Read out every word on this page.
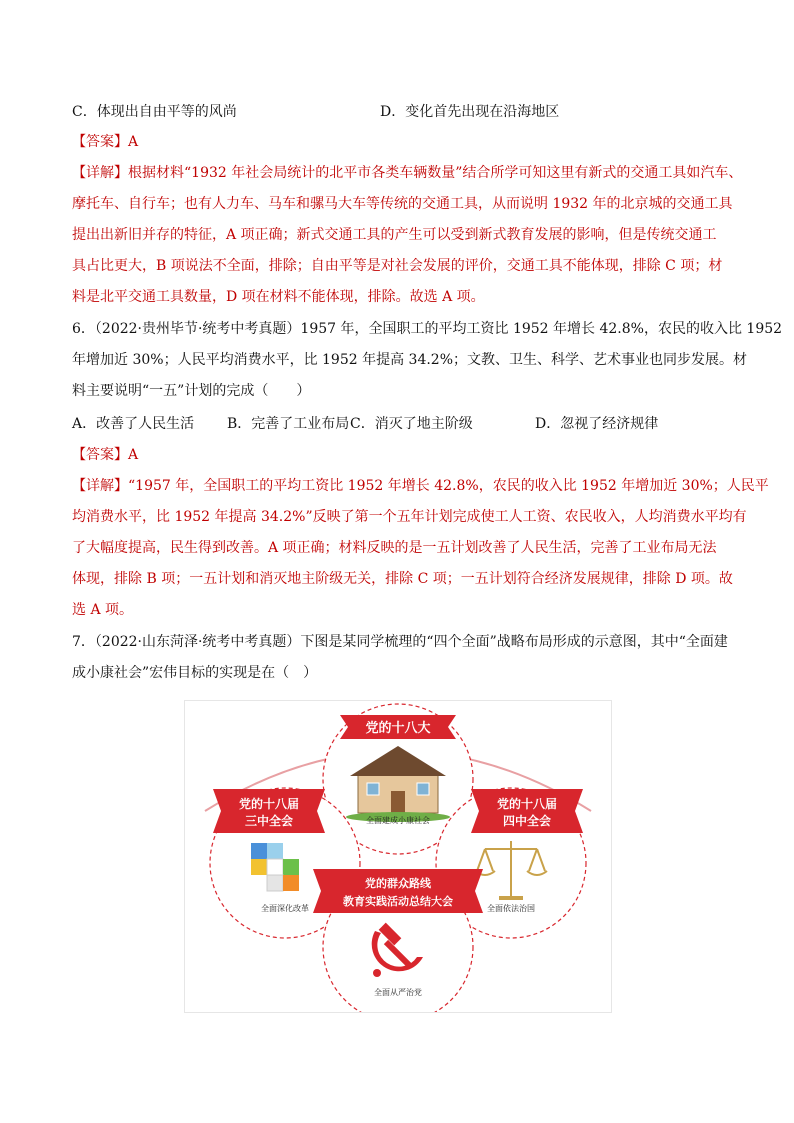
C．体现出自由平等的风尚	D．变化首先出现在沿海地区
【答案】A
【详解】根据材料“1932 年社会局统计的北平市各类车辆数量”结合所学可知这里有新式的交通工具如汽车、
摩托车、自行车；也有人力车、马车和骡马大车等传统的交通工具，从而说明 1932 年的北京城的交通工具
提出出新旧并存的特征，A 项正确；新式交通工具的产生可以受到新式教育发展的影响，但是传统交通工
具占比更大，B 项说法不全面，排除；自由平等是对社会发展的评价，交通工具不能体现，排除 C 项；材
料是北平交通工具数量，D 项在材料不能体现，排除。故选 A 项。
6．（2022·贵州毕节·统考中考真题）1957 年，全国职工的平均工资比 1952 年增长 42.8%，农民的收入比 1952
年增加近 30%；人民平均消费水平，比 1952 年提高 34.2%；文教、卫生、科学、艺术事业也同步发展。材
料主要说明“一五”计划的完成（　　）
A．改善了人民生活 B．完善了工业布局 C．消灭了地主阶级	D．忽视了经济规律
【答案】A
【详解】“1957 年，全国职工的平均工资比 1952 年增长 42.8%，农民的收入比 1952 年增加近 30%；人民平
均消费水平，比 1952 年提高 34.2%”反映了第一个五年计划完成使工人工资、农民收入，人均消费水平均有
了大幅度提高，民生得到改善。A 项正确；材料反映的是一五计划改善了人民生活，完善了工业布局无法
体现，排除 B 项；一五计划和消灭地主阶级无关，排除 C 项；一五计划符合经济发展规律，排除 D 项。故
选 A 项。
7．（2022·山东菏泽·统考中考真题）下图是某同学梳理的“四个全面”战略布局形成的示意图，其中“全面建
成小康社会”宏伟目标的实现是在（　）
党的十八大
全面建成小康社会
党的十八届
三中全会
全面深化改革
党的十八届
四中全会
全面依法治国
党的群众路线
教育实践活动总结大会
全面从严治党
